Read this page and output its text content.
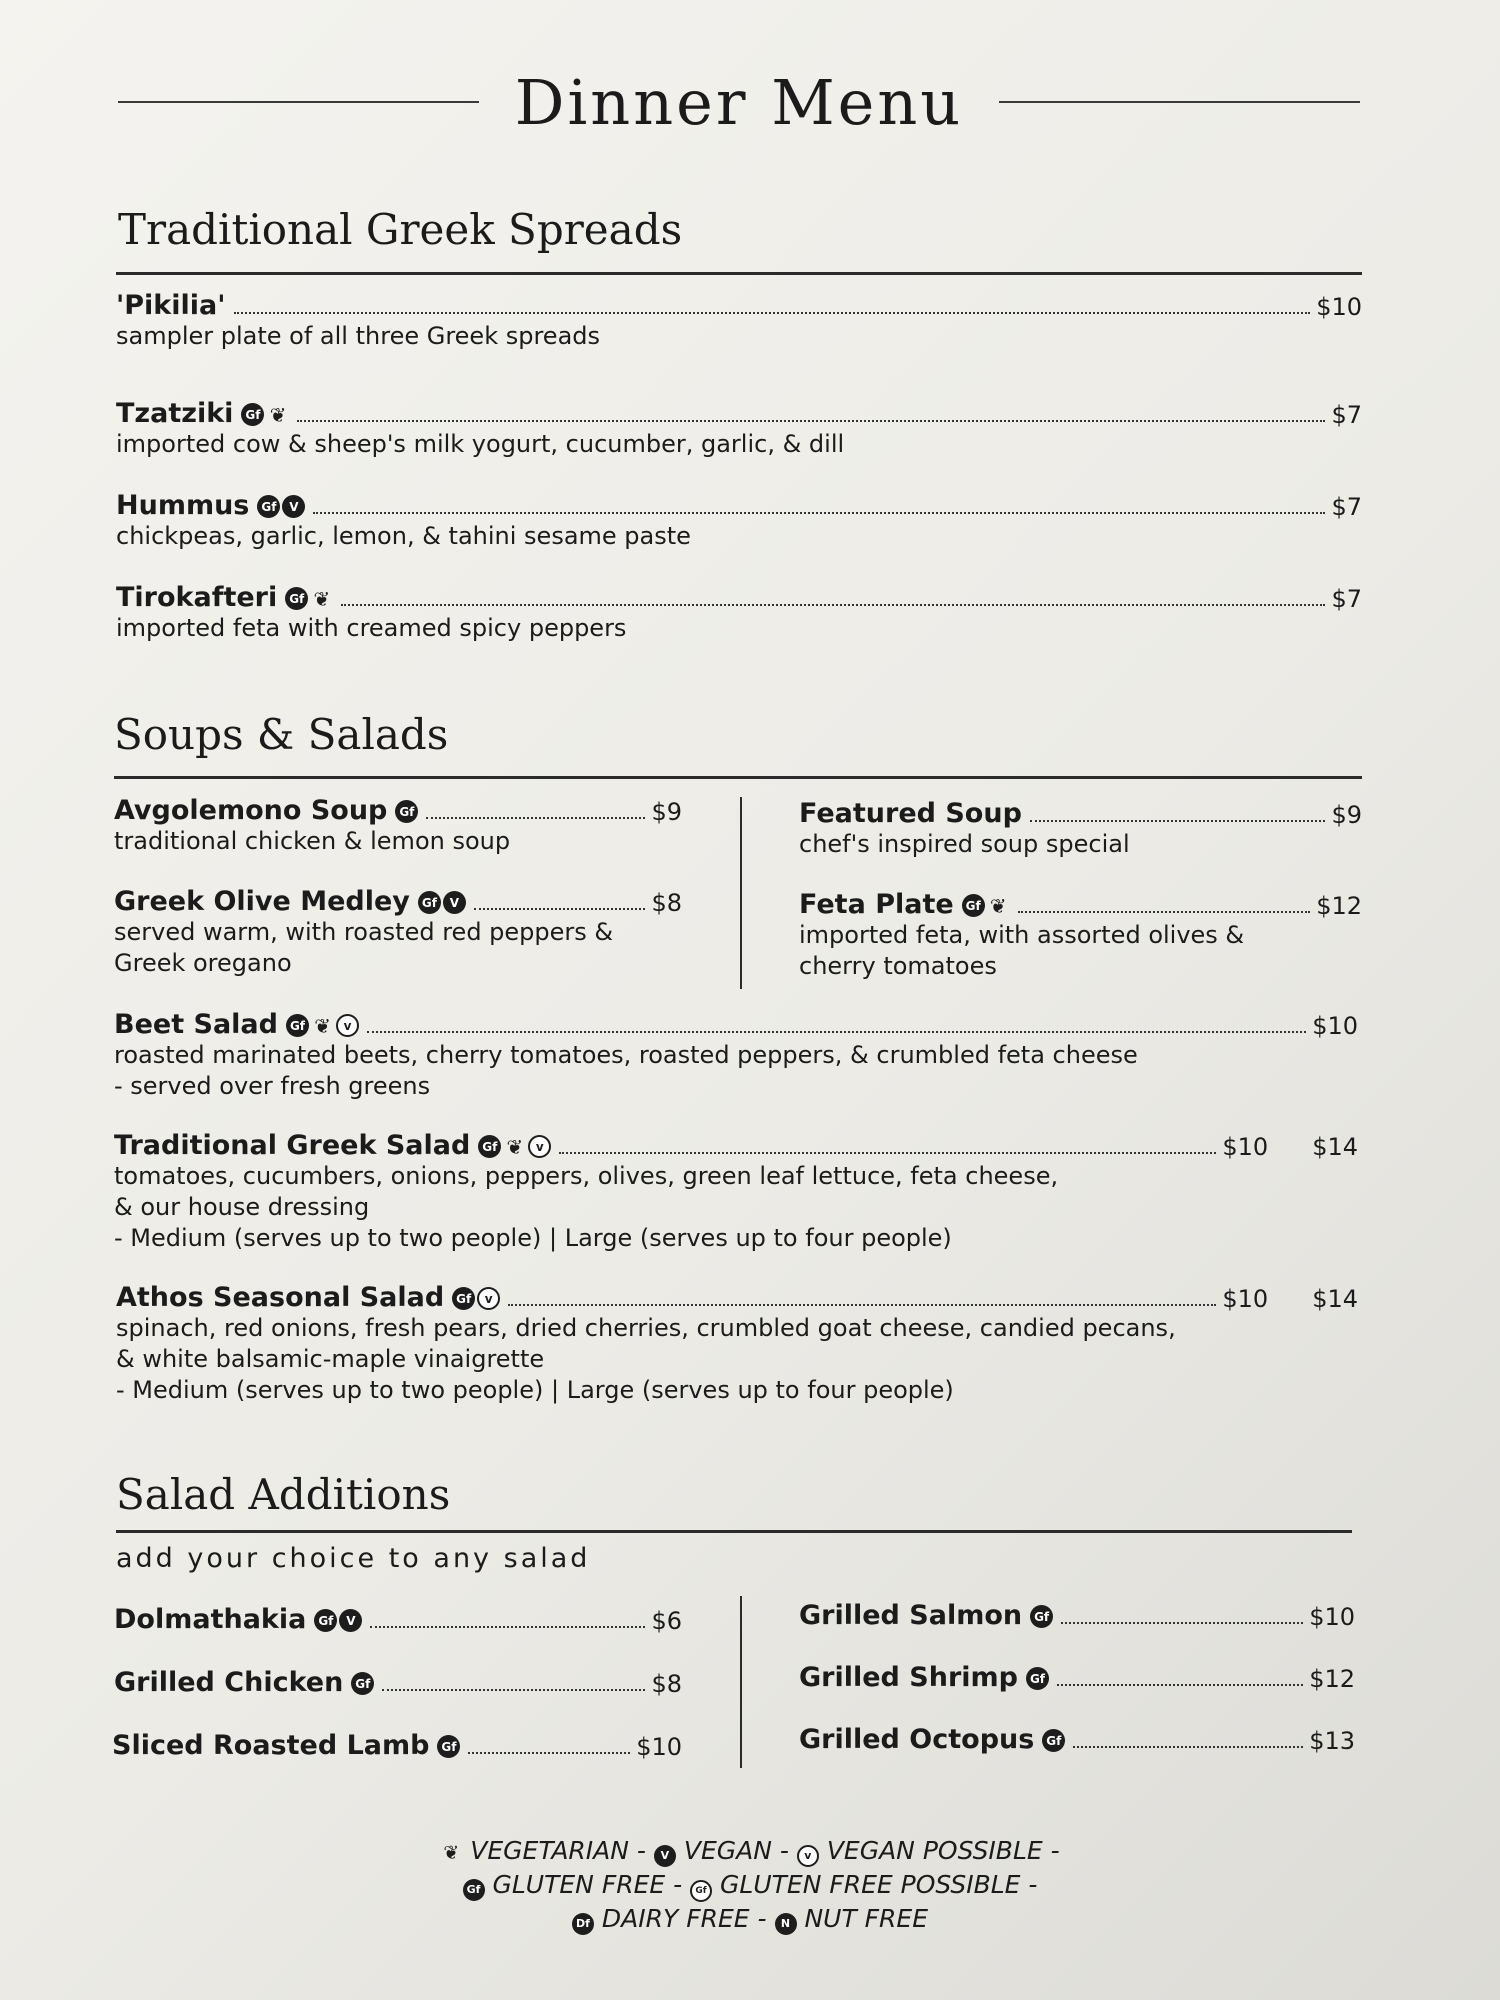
Dinner Menu
Traditional Greek Spreads
'Pikilia'	$10
sampler plate of all three Greek spreads
Tzatziki Gf ❦	$7
imported cow & sheep's milk yogurt, cucumber, garlic, & dill
Hummus Gf	V	$7
chickpeas, garlic, lemon, & tahini sesame paste
Tirokafteri Gf ❦	$7
imported feta with creamed spicy peppers
Soups & Salads
Avgolemono Soup Gf	$9
traditional chicken & lemon soup
Greek Olive Medley Gf	V	$8
served warm, with roasted red peppers &
Greek oregano
Featured Soup	$9
chef's inspired soup special
Feta Plate Gf ❦	$12
imported feta, with assorted olives &
cherry tomatoes
Beet Salad Gf ❦	v	$10
roasted marinated beets, cherry tomatoes, roasted peppers, & crumbled feta cheese
- served over fresh greens
Traditional Greek Salad Gf ❦	v	$10 $14
tomatoes, cucumbers, onions, peppers, olives, green leaf lettuce, feta cheese,
& our house dressing
- Medium (serves up to two people) | Large (serves up to four people)
Athos Seasonal Salad Gf	v	$10 $14
spinach, red onions, fresh pears, dried cherries, crumbled goat cheese, candied pecans,
& white balsamic-maple vinaigrette
- Medium (serves up to two people) | Large (serves up to four people)
Salad Additions
add your choice to any salad
Dolmathakia Gf	V	$6
Grilled Chicken Gf	$8
Sliced Roasted Lamb Gf	$10
Grilled Salmon Gf	$10
Grilled Shrimp Gf	$12
Grilled Octopus Gf	$13
❦ VEGETARIAN - V VEGAN - v VEGAN POSSIBLE -
Gf GLUTEN FREE - Gf GLUTEN FREE POSSIBLE -
Df DAIRY FREE - N NUT FREE
